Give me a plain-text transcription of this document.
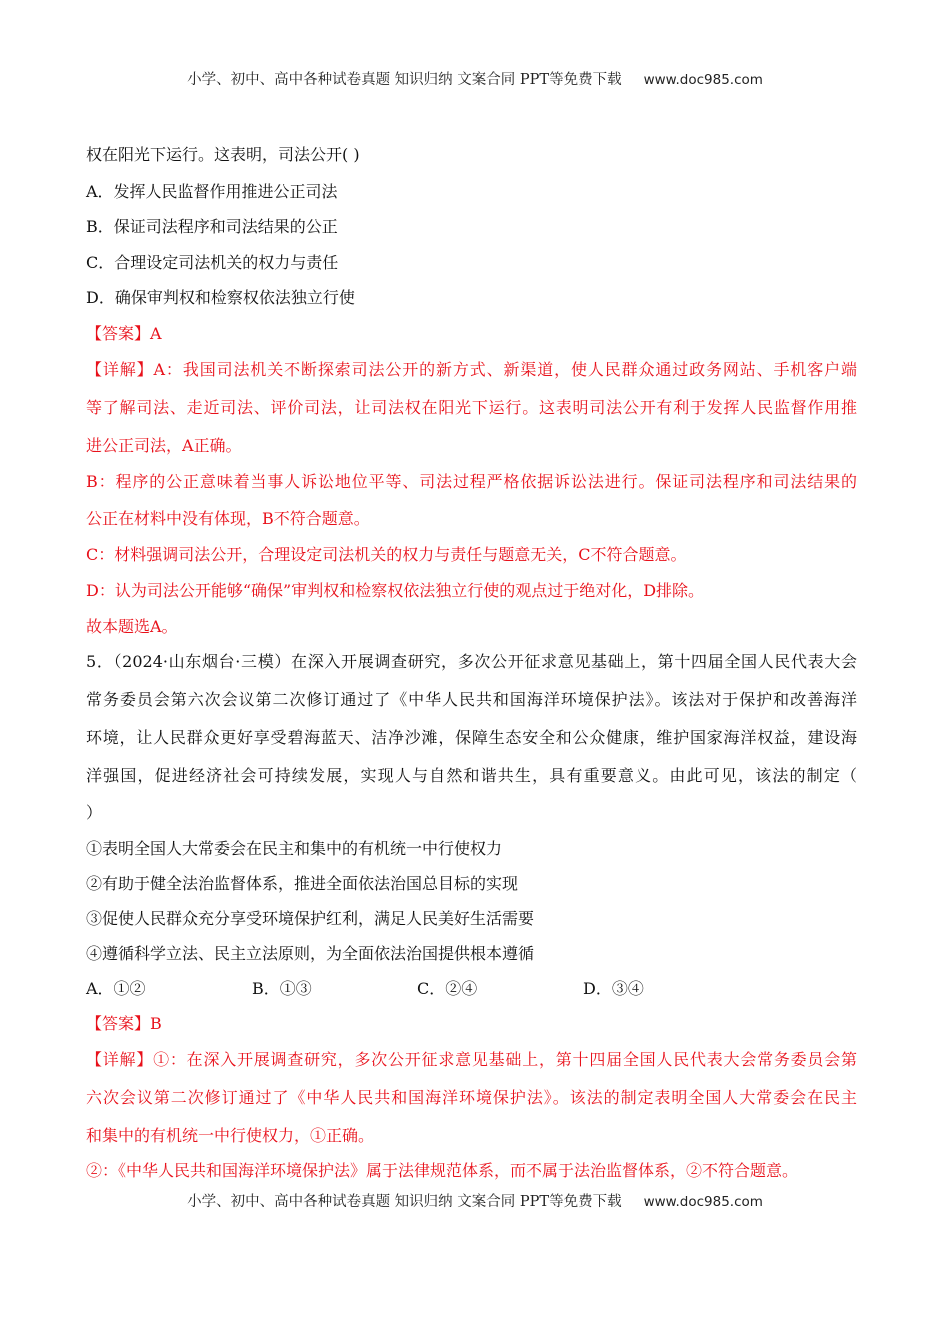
小学、初中、高中各种试卷真题 知识归纳 文案合同 PPT等免费下载 www.doc985.com
权在阳光下运行。这表明，司法公开( )
A．发挥人民监督作用推进公正司法
B．保证司法程序和司法结果的公正
C．合理设定司法机关的权力与责任
D．确保审判权和检察权依法独立行使
【答案】A
【详解】A：我国司法机关不断探索司法公开的新方式、新渠道，使人民群众通过政务网站、手机客户端
等了解司法、走近司法、评价司法，让司法权在阳光下运行。这表明司法公开有利于发挥人民监督作用推
进公正司法，A正确。
B：程序的公正意味着当事人诉讼地位平等、司法过程严格依据诉讼法进行。保证司法程序和司法结果的
公正在材料中没有体现，B不符合题意。
C：材料强调司法公开，合理设定司法机关的权力与责任与题意无关，C不符合题意。
D：认为司法公开能够“确保”审判权和检察权依法独立行使的观点过于绝对化，D排除。
故本题选A。
5．（2024·山东烟台·三模）在深入开展调查研究，多次公开征求意见基础上，第十四届全国人民代表大会
常务委员会第六次会议第二次修订通过了《中华人民共和国海洋环境保护法》。该法对于保护和改善海洋
环境，让人民群众更好享受碧海蓝天、洁净沙滩，保障生态安全和公众健康，维护国家海洋权益，建设海
洋强国，促进经济社会可持续发展，实现人与自然和谐共生，具有重要意义。由此可见，该法的制定（
）
①表明全国人大常委会在民主和集中的有机统一中行使权力
②有助于健全法治监督体系，推进全面依法治国总目标的实现
③促使人民群众充分享受环境保护红利，满足人民美好生活需要
④遵循科学立法、民主立法原则，为全面依法治国提供根本遵循
A．①②	B．①③	C．②④	D．③④
【答案】B
【详解】①：在深入开展调查研究，多次公开征求意见基础上，第十四届全国人民代表大会常务委员会第
六次会议第二次修订通过了《中华人民共和国海洋环境保护法》。该法的制定表明全国人大常委会在民主
和集中的有机统一中行使权力，①正确。
②：《中华人民共和国海洋环境保护法》属于法律规范体系，而不属于法治监督体系，②不符合题意。
小学、初中、高中各种试卷真题 知识归纳 文案合同 PPT等免费下载 www.doc985.com
